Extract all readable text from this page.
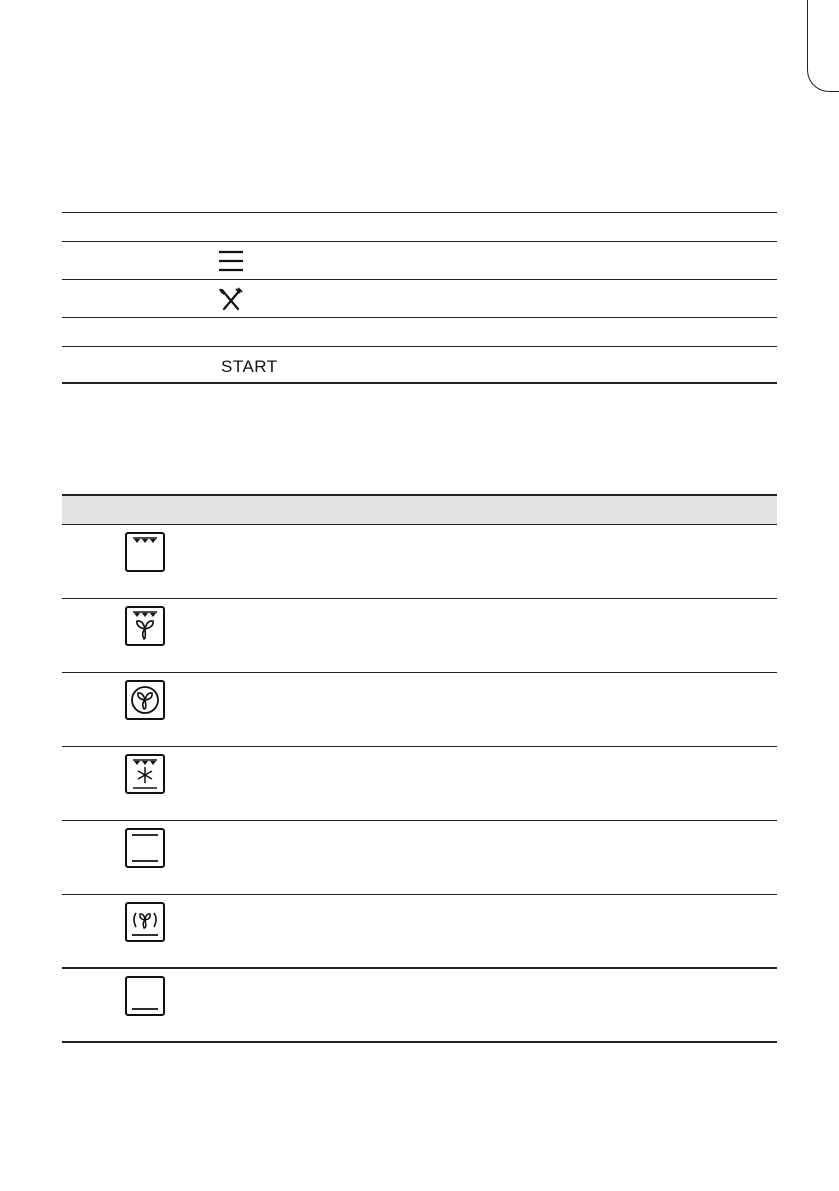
START
